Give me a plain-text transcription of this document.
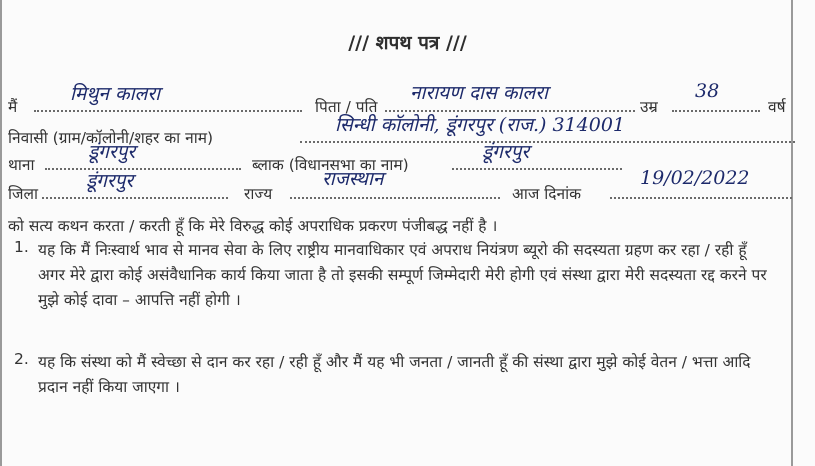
/// शपथ पत्र ///
मैं
मिथुन कालरा
पिता / पति
नारायण दास कालरा
उम्र
38
वर्ष
निवासी (ग्राम/कॉलोनी/शहर का नाम)
सिन्धी कॉलोनी, डूंगरपुर (राज.) 314001
थाना
डूंगरपुर
ब्लाक (विधानसभा का नाम)
डूंगरपुर
जिला
डूंगरपुर
राज्य
राजस्थान
आज दिनांक
19/02/2022
को सत्य कथन करता / करती हूँ कि मेरे विरुद्ध कोई अपराधिक प्रकरण पंजीबद्ध नहीं है ।
1. यह कि मैं निःस्वार्थ भाव से मानव सेवा के लिए राष्ट्रीय मानवाधिकार एवं अपराध नियंत्रण ब्यूरो की सदस्यता ग्रहण कर रहा / रही हूँ अगर मेरे द्वारा कोई असंवैधानिक कार्य किया जाता है तो इसकी सम्पूर्ण जिम्मेदारी मेरी होगी एवं संस्था द्वारा मेरी सदस्यता रद्द करने पर मुझे कोई दावा – आपत्ति नहीं होगी ।
2. यह कि संस्था को मैं स्वेच्छा से दान कर रहा / रही हूँ और मैं यह भी जनता / जानती हूँ की संस्था द्वारा मुझे कोई वेतन / भत्ता आदि प्रदान नहीं किया जाएगा ।
